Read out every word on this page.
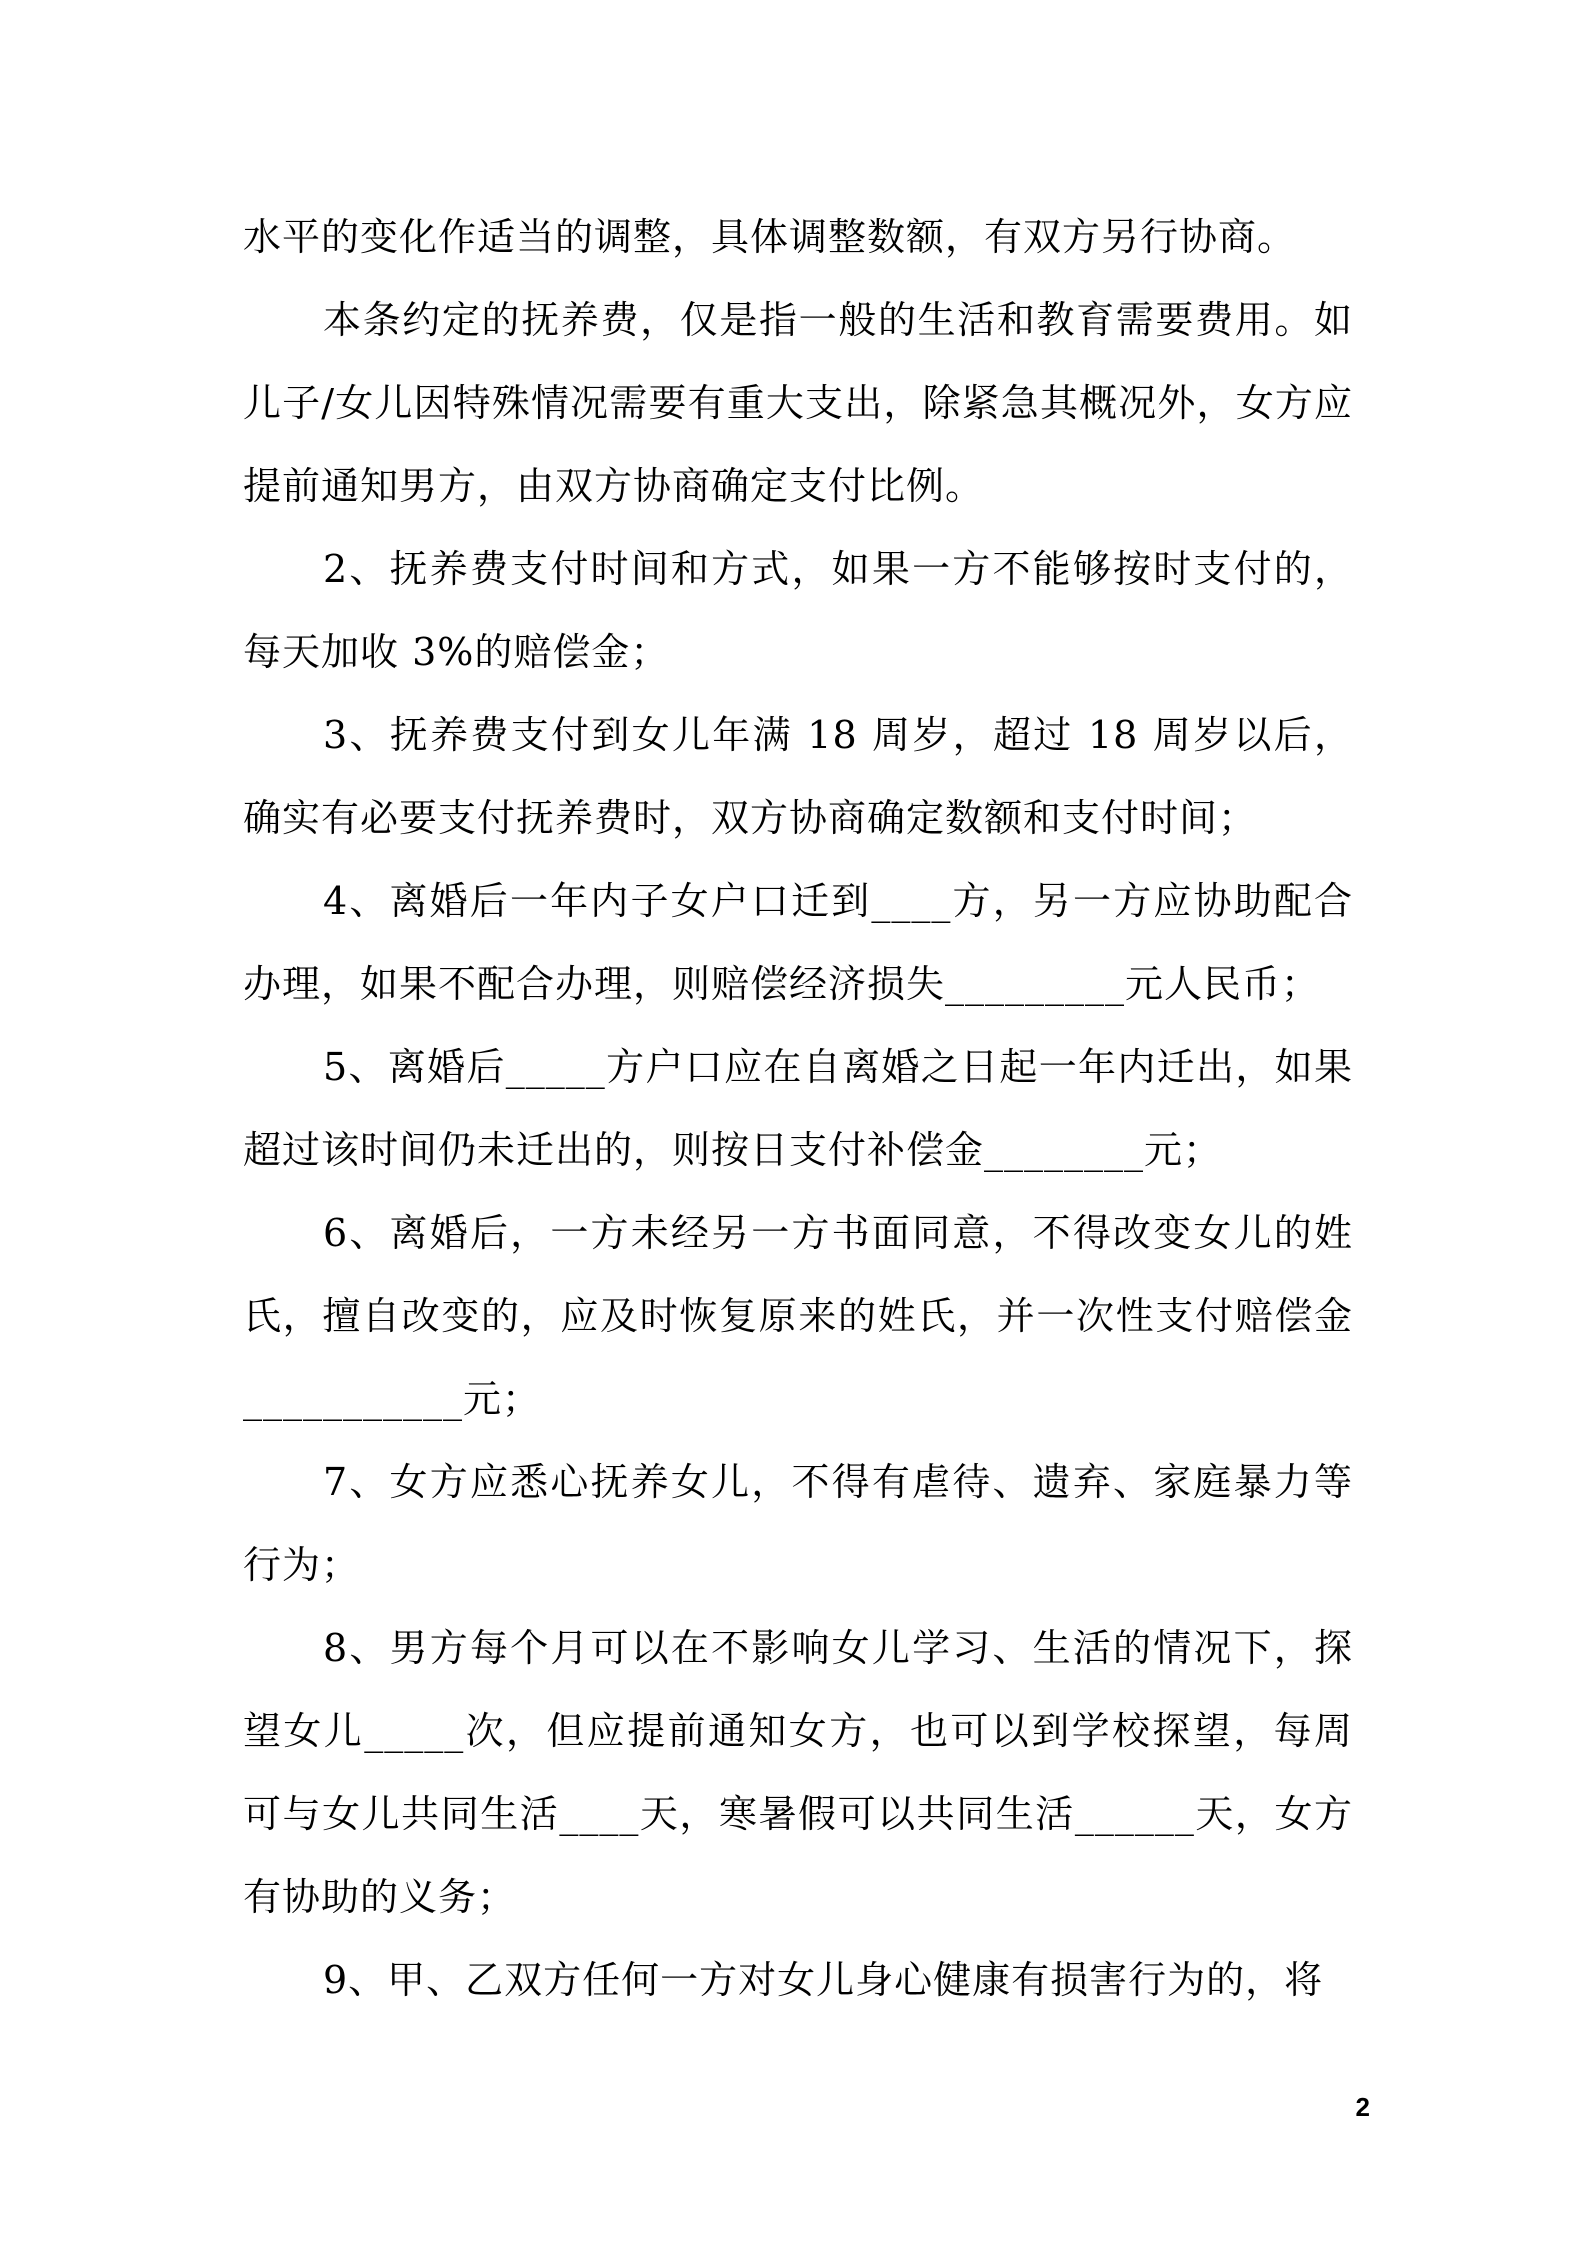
水平的变化作适当的调整，具体调整数额，有双方另行协商。

本条约定的抚养费，仅是指一般的生活和教育需要费用。如儿子/女儿因特殊情况需要有重大支出，除紧急其概况外，女方应提前通知男方，由双方协商确定支付比例。

2、抚养费支付时间和方式，如果一方不能够按时支付的，每天加收 3%的赔偿金；

3、抚养费支付到女儿年满 18 周岁，超过 18 周岁以后，确实有必要支付抚养费时，双方协商确定数额和支付时间；

4、离婚后一年内子女户口迁到____方，另一方应协助配合办理，如果不配合办理，则赔偿经济损失_________元人民币；

5、离婚后_____方户口应在自离婚之日起一年内迁出，如果超过该时间仍未迁出的，则按日支付补偿金________元；

6、离婚后，一方未经另一方书面同意，不得改变女儿的姓氏，擅自改变的，应及时恢复原来的姓氏，并一次性支付赔偿金___________元；

7、女方应悉心抚养女儿，不得有虐待、遗弃、家庭暴力等行为；

8、男方每个月可以在不影响女儿学习、生活的情况下，探望女儿_____次，但应提前通知女方，也可以到学校探望，每周可与女儿共同生活____天，寒暑假可以共同生活______天，女方有协助的义务；

9、甲、乙双方任何一方对女儿身心健康有损害行为的，将

2
